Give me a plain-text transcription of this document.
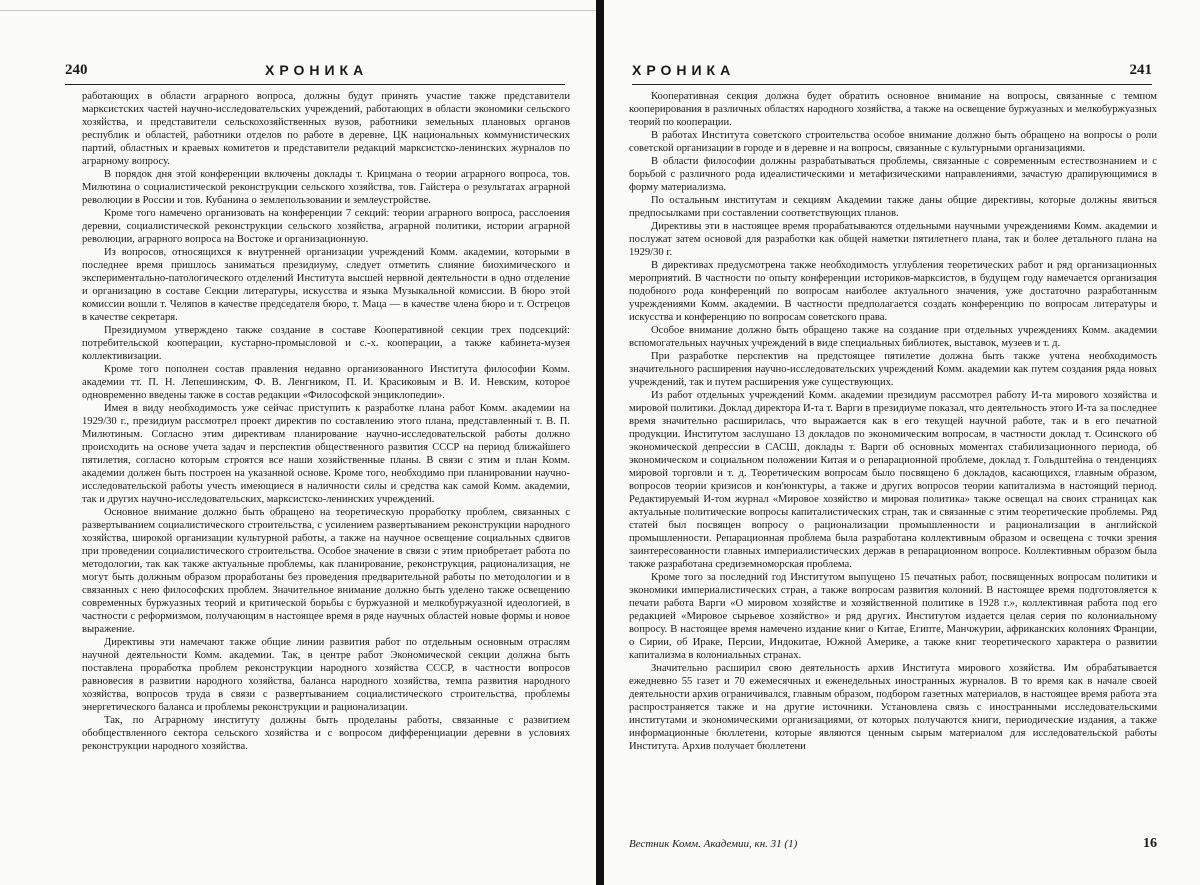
240	ХРОНИКА

работающих в области аграрного вопроса, должны будут принять участие также представители марксистских частей научно-исследовательских учреждений, работающих в области экономики сельского хозяйства, и представители сельскохозяйственных вузов, работники земельных плановых органов республик и областей, работники отделов по работе в деревне, ЦК национальных коммунистических партий, областных и краевых комитетов и представители редакций марксистско-ленинских журналов по аграрному вопросу.

В порядок дня этой конференции включены доклады т. Крицмана о теории аграрного вопроса, тов. Милютина о социалистической реконструкции сельского хозяйства, тов. Гайстера о результатах аграрной революции в России и тов. Кубанина о землепользовании и землеустройстве.

Кроме того намечено организовать на конференции 7 секций: теории аграрного вопроса, расслоения деревни, социалистической реконструкции сельского хозяйства, аграрной политики, истории аграрной революции, аграрного вопроса на Востоке и организационную.

Из вопросов, относящихся к внутренней организации учреждений Комм. академии, которыми в последнее время пришлось заниматься президиуму, следует отметить слияние биохимического и экспериментально-патологического отделений Института высшей нервной деятельности в одно отделение и организацию в составе Секции литературы, искусства и языка Музыкальной комиссии. В бюро этой комиссии вошли т. Челяпов в качестве председателя бюро, т. Маца — в качестве члена бюро и т. Острецов в качестве секретаря.

Президиумом утверждено также создание в составе Кооперативной секции трех подсекций: потребительской кооперации, кустарно-промысловой и с.-х. кооперации, а также кабинета-музея коллективизации.

Кроме того пополнен состав правления недавно организованного Института философии Комм. академии тт. П. Н. Лепешинским, Ф. В. Ленгником, П. И. Красиковым и В. И. Невским, которое одновременно введены также в состав редакции «Философской энциклопедии».

Имея в виду необходимость уже сейчас приступить к разработке плана работ Комм. академии на 1929/30 г., президиум рассмотрел проект директив по составлению этого плана, представленный т. В. П. Милютиным. Согласно этим директивам планирование научно-исследовательской работы должно происходить на основе учета задач и перспектив общественного развития СССР на период ближайшего пятилетия, согласно которым строятся все наши хозяйственные планы. В связи с этим и план Комм. академии должен быть построен на указанной основе. Кроме того, необходимо при планировании научно-исследовательской работы учесть имеющиеся в наличности силы и средства как самой Комм. академии, так и других научно-исследовательских, марксистско-ленинских учреждений.

Основное внимание должно быть обращено на теоретическую проработку проблем, связанных с развертыванием социалистического строительства, с усилением развертыванием реконструкции народного хозяйства, широкой организации культурной работы, а также на научное освещение социальных сдвигов при проведении социалистического строительства. Особое значение в связи с этим приобретает работа по методологии, так как также актуальные проблемы, как планирование, реконструкция, рационализация, не могут быть должным образом проработаны без проведения предварительной работы по методологии и в связанных с нею философских проблем. Значительное внимание должно быть уделено также освещению современных буржуазных теорий и критической борьбы с буржуазной и мелкобуржуазной идеологией, в частности с реформизмом, получающим в настоящее время в ряде научных областей новые формы и новое выражение.

Директивы эти намечают также общие линии развития работ по отдельным основным отраслям научной деятельности Комм. академии. Так, в центре работ Экономической секции должна быть поставлена проработка проблем реконструкции народного хозяйства СССР, в частности вопросов равновесия в развитии народного хозяйства, баланса народного хозяйства, темпа развития народного хозяйства, вопросов труда в связи с развертыванием социалистического строительства, проблемы энергетического баланса и проблемы реконструкции и рационализации.

Так, по Аграрному институту должны быть проделаны работы, связанные с развитием обобществленного сектора сельского хозяйства и с вопросом дифференциации деревни в условиях реконструкции народного хозяйства.

ХРОНИКА	241

Кооперативная секция должна будет обратить основное внимание на вопросы, связанные с темпом кооперирования в различных областях народного хозяйства, а также на освещение буржуазных и мелкобуржуазных теорий по кооперации.

В работах Института советского строительства особое внимание должно быть обращено на вопросы о роли советской организации в городе и в деревне и на вопросы, связанные с культурными организациями.

В области философии должны разрабатываться проблемы, связанные с современным естествознанием и с борьбой с различного рода идеалистическими и метафизическими направлениями, зачастую драпирующимися в форму материализма.

По остальным институтам и секциям Академии также даны общие директивы, которые должны явиться предпосылками при составлении соответствующих планов.

Директивы эти в настоящее время прорабатываются отдельными научными учреждениями Комм. академии и послужат затем основой для разработки как общей наметки пятилетнего плана, так и более детального плана на 1929/30 г.

В директивах предусмотрена также необходимость углубления теоретических работ и ряд организационных мероприятий. В частности по опыту конференции историков-марксистов, в будущем году намечается организация подобного рода конференций по вопросам наиболее актуального значения, уже достаточно разработанным учреждениями Комм. академии. В частности предполагается создать конференцию по вопросам литературы и искусства и конференцию по вопросам советского права.

Особое внимание должно быть обращено также на создание при отдельных учреждениях Комм. академии вспомогательных научных учреждений в виде специальных библиотек, выставок, музеев и т. д.

При разработке перспектив на предстоящее пятилетие должна быть также учтена необходимость значительного расширения научно-исследовательских учреждений Комм. академии как путем создания ряда новых учреждений, так и путем расширения уже существующих.

Из работ отдельных учреждений Комм. академии президиум рассмотрел работу И-та мирового хозяйства и мировой политики. Доклад директора И-та т. Варги в президиуме показал, что деятельность этого И-та за последнее время значительно расширилась, что выражается как в его текущей научной работе, так и в его печатной продукции. Институтом заслушано 13 докладов по экономическим вопросам, в частности доклад т. Осинского об экономической депрессии в САСШ, доклады т. Варги об основных моментах стабилизационного периода, об экономическом и социальном положении Китая и о репарационной проблеме, доклад т. Гольдштейна о тенденциях мировой торговли и т. д. Теоретическим вопросам было посвящено 6 докладов, касающихся, главным образом, вопросов теории кризисов и кон'юнктуры, а также и других вопросов теории капитализма в настоящий период. Редактируемый И-том журнал «Мировое хозяйство и мировая политика» также освещал на своих страницах как актуальные политические вопросы капиталистических стран, так и связанные с этим теоретические проблемы. Ряд статей был посвящен вопросу о рационализации промышленности и рационализации в английской промышленности. Репарационная проблема была разработана коллективным образом и освещена с точки зрения заинтересованности главных империалистических держав в репарационном вопросе. Коллективным образом была также разработана средиземноморская проблема.

Кроме того за последний год Институтом выпущено 15 печатных работ, посвященных вопросам политики и экономики империалистических стран, а также вопросам развития колоний. В настоящее время подготовляется к печати работа Варги «О мировом хозяйстве и хозяйственной политике в 1928 г.», коллективная работа под его редакцией «Мировое сырьевое хозяйство» и ряд других. Институтом издается целая серия по колониальному вопросу. В настоящее время намечено издание книг о Китае, Египте, Манчжурии, африканских колониях Франции, о Сирии, об Ираке, Персии, Индокитае, Южной Америке, а также книг теоретического характера о развитии капитализма в колониальных странах.

Значительно расширил свою деятельность архив Института мирового хозяйства. Им обрабатывается ежедневно 55 газет и 70 ежемесячных и еженедельных иностранных журналов. В то время как в начале своей деятельности архив ограничивался, главным образом, подбором газетных материалов, в настоящее время работа эта распространяется также и на другие источники. Установлена связь с иностранными исследовательскими институтами и экономическими организациями, от которых получаются книги, периодические издания, а также информационные бюллетени, которые являются ценным сырым материалом для исследовательской работы Института. Архив получает бюллетени

Вестник Комм. Академии, кн. 31 (1)	16
